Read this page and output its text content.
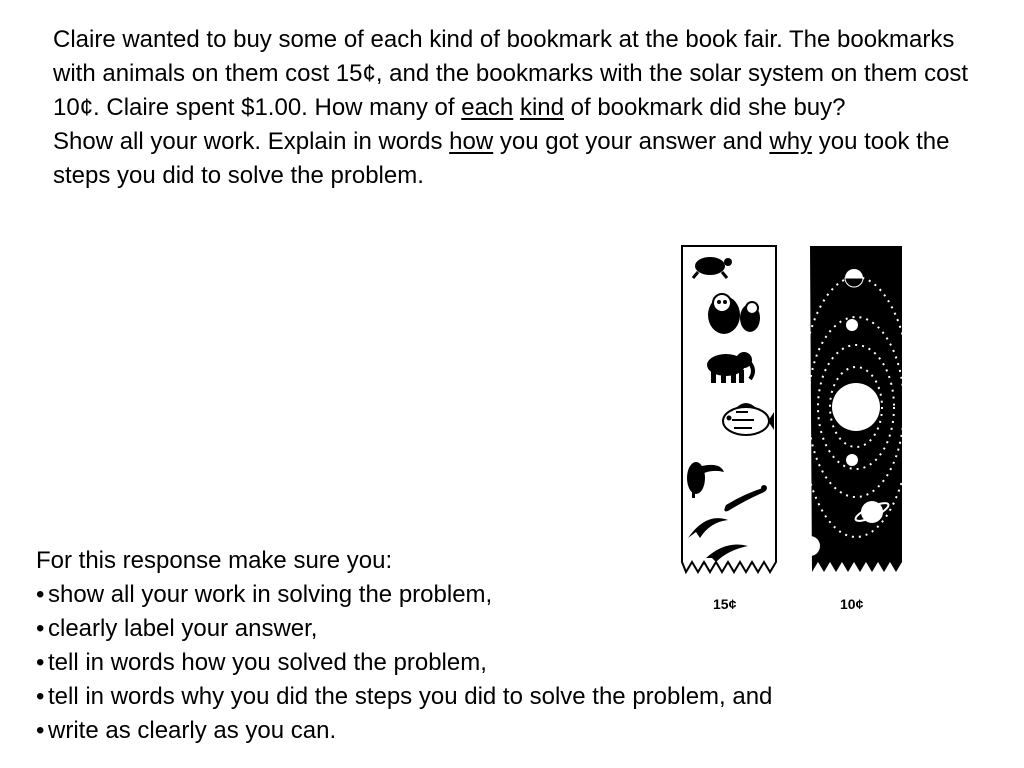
Claire wanted to buy some of each kind of bookmark at the book fair. The bookmarks with animals on them cost 15¢, and the bookmarks with the solar system on them cost 10¢. Claire spent $1.00. How many of each kind of bookmark did she buy?

Show all your work. Explain in words how you got your answer and why you took the steps you did to solve the problem.

15¢	10¢
For this response make sure you:
• show all your work in solving the problem,
• clearly label your answer,
• tell in words how you solved the problem,
• tell in words why you did the steps you did to solve the problem, and
• write as clearly as you can.
